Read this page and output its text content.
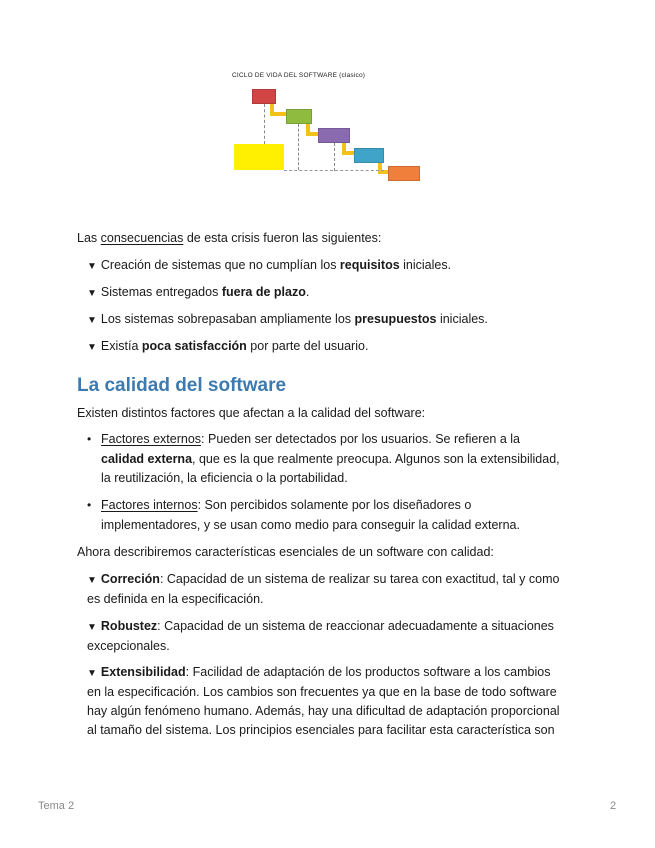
CICLO DE VIDA DEL SOFTWARE (clasico)
Las consecuencias de esta crisis fueron las siguientes:
▼ Creación de sistemas que no cumplían los requisitos iniciales.
▼ Sistemas entregados fuera de plazo.
▼ Los sistemas sobrepasaban ampliamente los presupuestos iniciales.
▼ Existía poca satisfacción por parte del usuario.
La calidad del software
Existen distintos factores que afectan a la calidad del software:
• Factores externos: Pueden ser detectados por los usuarios. Se refieren a la
calidad externa, que es la que realmente preocupa. Algunos son la extensibilidad,
la reutilización, la eficiencia o la portabilidad.
• Factores internos: Son percibidos solamente por los diseñadores o
implementadores, y se usan como medio para conseguir la calidad externa.
Ahora describiremos características esenciales de un software con calidad:
▼ Correción: Capacidad de un sistema de realizar su tarea con exactitud, tal y como
es definida en la especificación.
▼ Robustez: Capacidad de un sistema de reaccionar adecuadamente a situaciones
excepcionales.
▼ Extensibilidad: Facilidad de adaptación de los productos software a los cambios
en la especificación. Los cambios son frecuentes ya que en la base de todo software
hay algún fenómeno humano. Además, hay una dificultad de adaptación proporcional
al tamaño del sistema. Los principios esenciales para facilitar esta característica son
Tema 2	2
